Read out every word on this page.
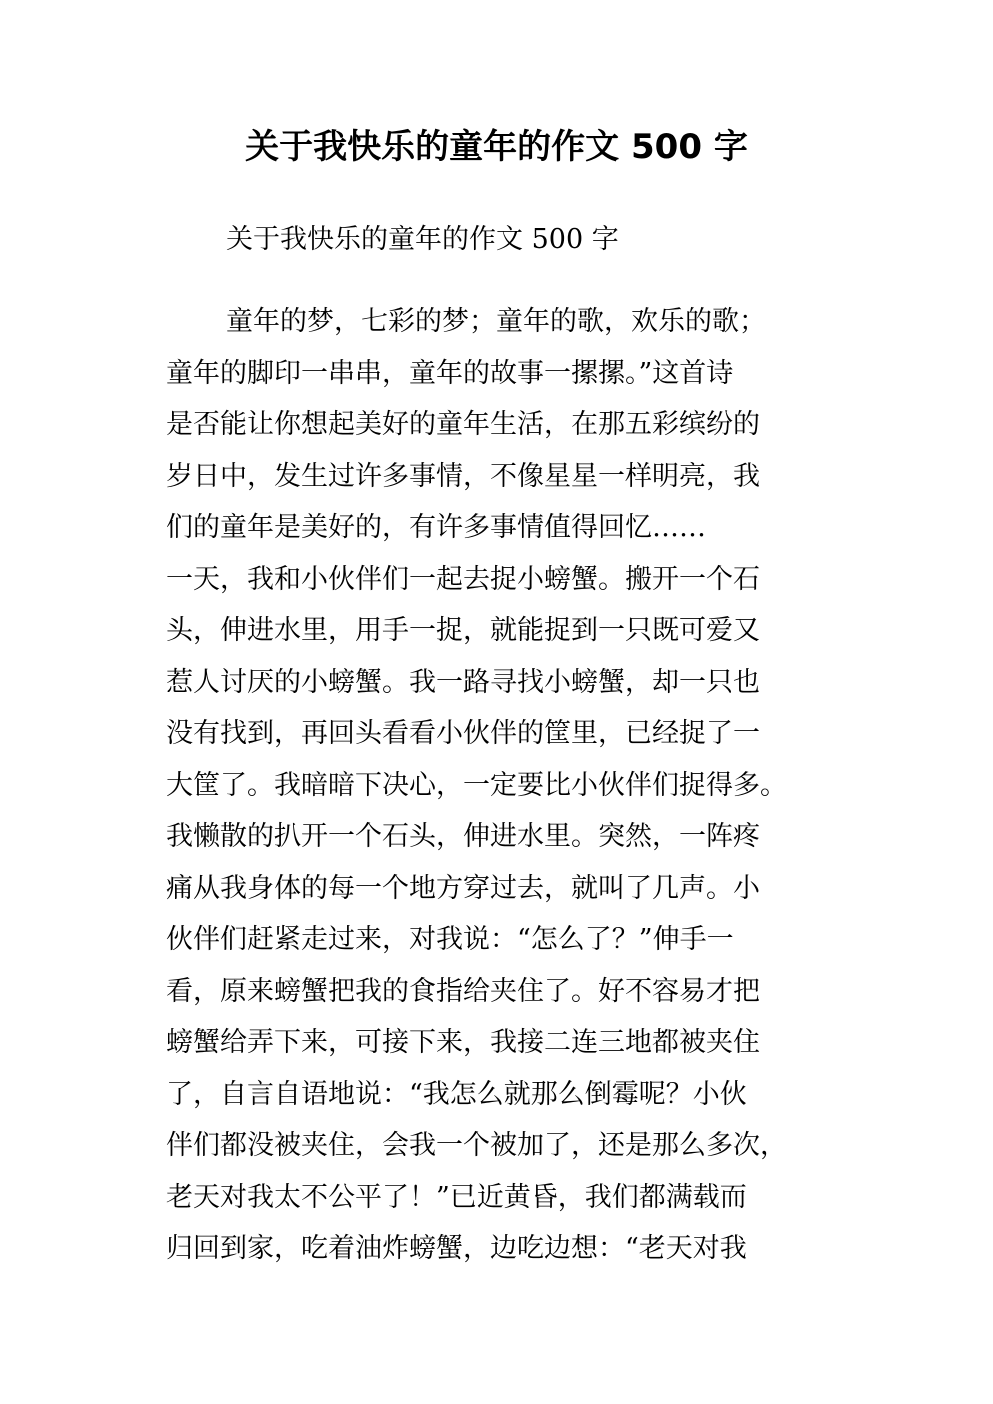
关于我快乐的童年的作文 500 字

关于我快乐的童年的作文 500 字

童年的梦，七彩的梦；童年的歌，欢乐的歌；

童年的脚印一串串，童年的故事一摞摞。”这首诗

是否能让你想起美好的童年生活，在那五彩缤纷的

岁日中，发生过许多事情，不像星星一样明亮，我

们的童年是美好的，有许多事情值得回忆……

一天，我和小伙伴们一起去捉小螃蟹。搬开一个石

头，伸进水里，用手一捉，就能捉到一只既可爱又

惹人讨厌的小螃蟹。我一路寻找小螃蟹，却一只也

没有找到，再回头看看小伙伴的筐里，已经捉了一

大筐了。我暗暗下决心，一定要比小伙伴们捉得多。

我懒散的扒开一个石头，伸进水里。突然，一阵疼

痛从我身体的每一个地方穿过去，就叫了几声。小

伙伴们赶紧走过来，对我说：“怎么了？”伸手一

看，原来螃蟹把我的食指给夹住了。好不容易才把

螃蟹给弄下来，可接下来，我接二连三地都被夹住

了，自言自语地说：“我怎么就那么倒霉呢？小伙

伴们都没被夹住，会我一个被加了，还是那么多次，

老天对我太不公平了！”已近黄昏，我们都满载而

归回到家，吃着油炸螃蟹，边吃边想：“老天对我
